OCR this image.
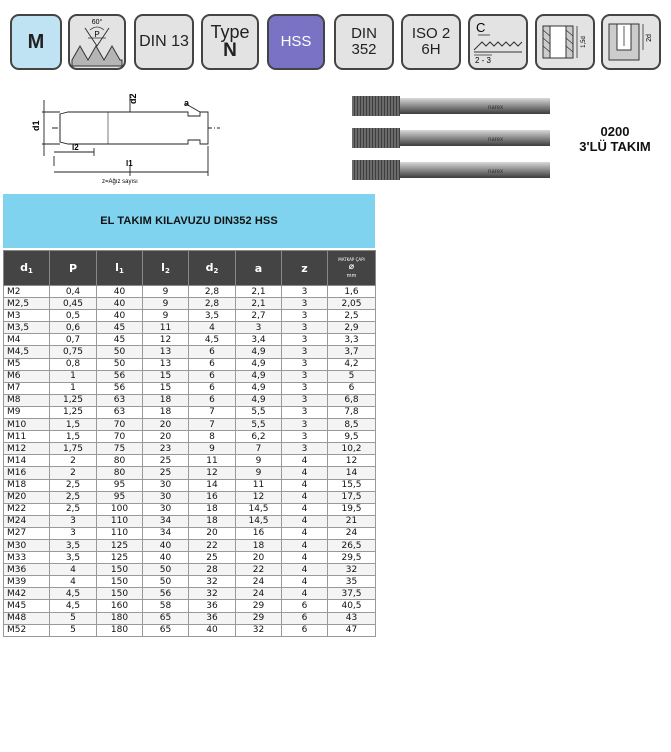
M
60°
P DIN 13 Type
N	HSS	DIN
352
ISO 2
6H
C
2 - 3
1,5d	2d
d1
d2	a
l2
l1
z=Ağız sayısı
narex
narex
narex
0200
3'LÜ TAKIM
EL TAKIM KILAVUZU DIN352 HSS
$d_1$	P	$l_1$	$l_2$	$d_2$	a	z	MATKAP ÇAPI
⌀
mm

M2	0,4	40	9	2,8	2,1	3	1,6
M2,5	0,45	40	9	2,8	2,1	3	2,05
M3	0,5	40	9	3,5	2,7	3	2,5
M3,5	0,6	45	11	4	3	3	2,9
M4	0,7	45	12	4,5	3,4	3	3,3
M4,5	0,75	50	13	6	4,9	3	3,7
M5	0,8	50	13	6	4,9	3	4,2
M6	1	56	15	6	4,9	3	5
M7	1	56	15	6	4,9	3	6
M8	1,25	63	18	6	4,9	3	6,8
M9	1,25	63	18	7	5,5	3	7,8
M10	1,5	70	20	7	5,5	3	8,5
M11	1,5	70	20	8	6,2	3	9,5
M12	1,75	75	23	9	7	3	10,2
M14	2	80	25	11	9	4	12
M16	2	80	25	12	9	4	14
M18	2,5	95	30	14	11	4	15,5
M20	2,5	95	30	16	12	4	17,5
M22	2,5	100	30	18	14,5	4	19,5
M24	3	110	34	18	14,5	4	21
M27	3	110	34	20	16	4	24
M30	3,5	125	40	22	18	4	26,5
M33	3,5	125	40	25	20	4	29,5
M36	4	150	50	28	22	4	32
M39	4	150	50	32	24	4	35
M42	4,5	150	56	32	24	4	37,5
M45	4,5	160	58	36	29	6	40,5
M48	5	180	65	36	29	6	43
M52	5	180	65	40	32	6	47
